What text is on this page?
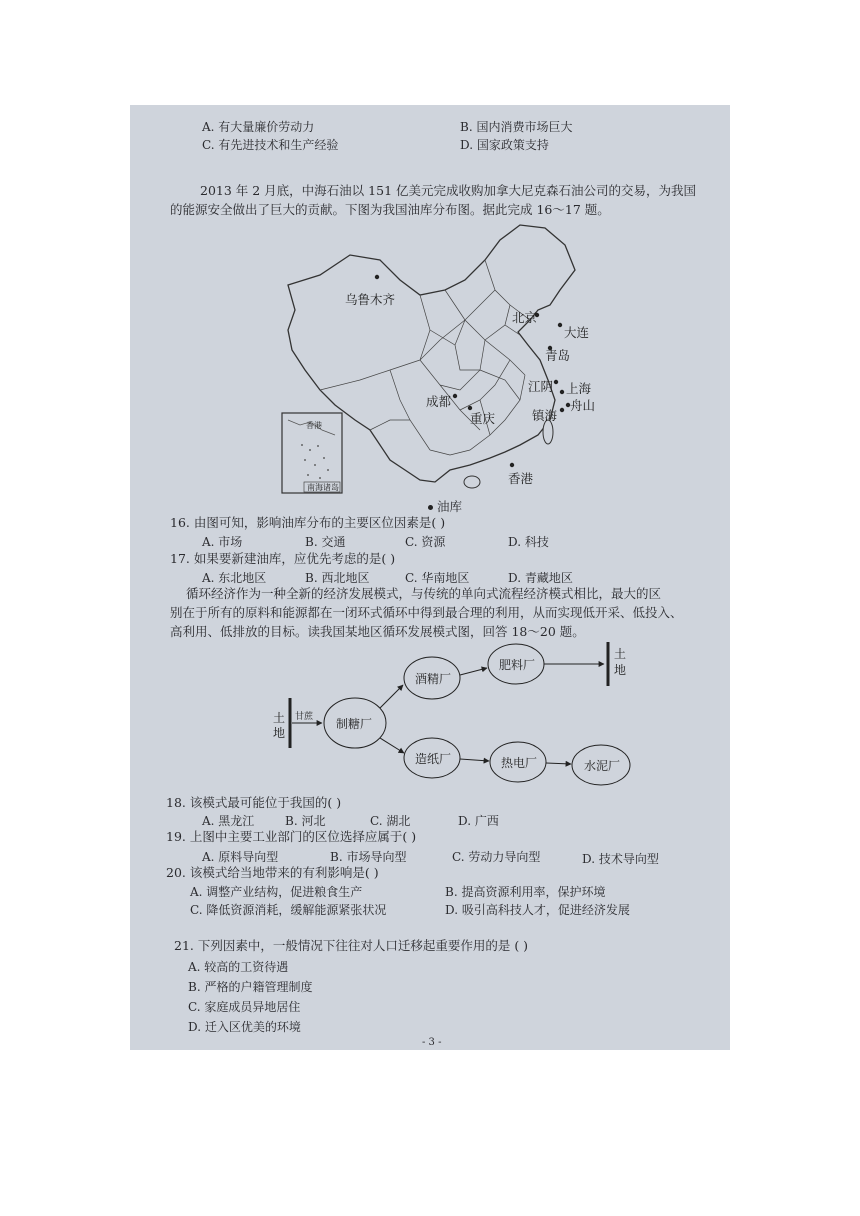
A. 有大量廉价劳动力	B. 国内消费市场巨大
C. 有先进技术和生产经验	D. 国家政策支持
2013 年 2 月底，中海石油以 151 亿美元完成收购加拿大尼克森石油公司的交易，为我国
的能源安全做出了巨大的贡献。下图为我国油库分布图。据此完成 16～17 题。
香港
南海诸岛
乌鲁木齐
北京
大连
青岛
江阴 上海
舟山
镇海
成都
重庆
香港
油库
16. 由图可知，影响油库分布的主要区位因素是( )
A. 市场	B. 交通	C. 资源	D. 科技
17. 如果要新建油库，应优先考虑的是( )
A. 东北地区	B. 西北地区	C. 华南地区	D. 青藏地区
循环经济作为一种全新的经济发展模式，与传统的单向式流程经济模式相比，最大的区
别在于所有的原料和能源都在一闭环式循环中得到最合理的利用，从而实现低开采、低投入、
高利用、低排放的目标。读我国某地区循环发展模式图，回答 18～20 题。
土
地
甘蔗 制糖厂
酒精厂
肥料厂
土
地
造纸厂	热电厂	水泥厂
18. 该模式最可能位于我国的( )
A. 黑龙江	B. 河北	C. 湖北	D. 广西
19. 上图中主要工业部门的区位选择应属于( )
A. 原料导向型	B. 市场导向型	C. 劳动力导向型	D. 技术导向型
20. 该模式给当地带来的有利影响是( )
A. 调整产业结构，促进粮食生产	B. 提高资源利用率，保护环境
C. 降低资源消耗，缓解能源紧张状况	D. 吸引高科技人才，促进经济发展
21. 下列因素中，一般情况下往往对人口迁移起重要作用的是 ( )
A. 较高的工资待遇
B. 严格的户籍管理制度
C. 家庭成员异地居住
D. 迁入区优美的环境
- 3 -
